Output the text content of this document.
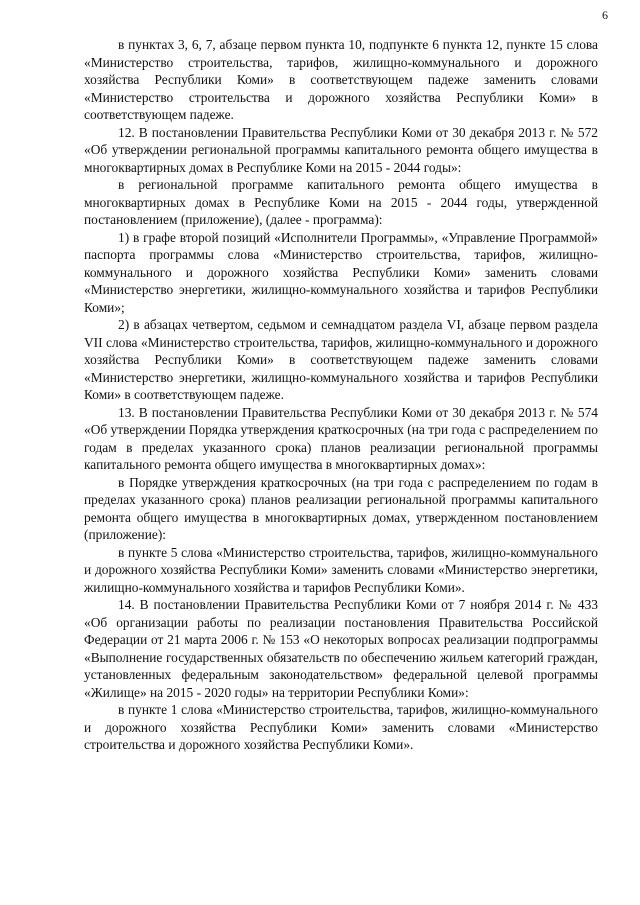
6

в пунктах 3, 6, 7, абзаце первом пункта 10, подпункте 6 пункта 12, пункте 15 слова «Министерство строительства, тарифов, жилищно-коммунального и дорожного хозяйства Республики Коми» в соответствующем падеже заменить словами «Министерство строительства и дорожного хозяйства Республики Коми» в соответствующем падеже.

12. В постановлении Правительства Республики Коми от 30 декабря 2013 г. № 572 «Об утверждении региональной программы капитального ремонта общего имущества в многоквартирных домах в Республике Коми на 2015 - 2044 годы»:

в региональной программе капитального ремонта общего имущества в многоквартирных домах в Республике Коми на 2015 - 2044 годы, утвержденной постановлением (приложение), (далее - программа):

1) в графе второй позиций «Исполнители Программы», «Управление Программой» паспорта программы слова «Министерство строительства, тарифов, жилищно-коммунального и дорожного хозяйства Республики Коми» заменить словами «Министерство энергетики, жилищно-коммунального хозяйства и тарифов Республики Коми»;

2) в абзацах четвертом, седьмом и семнадцатом раздела VI, абзаце первом раздела VII слова «Министерство строительства, тарифов, жилищно-коммунального и дорожного хозяйства Республики Коми» в соответствующем падеже заменить словами «Министерство энергетики, жилищно-коммунального хозяйства и тарифов Республики Коми» в соответствующем падеже.

13. В постановлении Правительства Республики Коми от 30 декабря 2013 г. № 574 «Об утверждении Порядка утверждения краткосрочных (на три года с распределением по годам в пределах указанного срока) планов реализации региональной программы капитального ремонта общего имущества в многоквартирных домах»:

в Порядке утверждения краткосрочных (на три года с распределением по годам в пределах указанного срока) планов реализации региональной программы капитального ремонта общего имущества в многоквартирных домах, утвержденном постановлением (приложение):

в пункте 5 слова «Министерство строительства, тарифов, жилищно-коммунального и дорожного хозяйства Республики Коми» заменить словами «Министерство энергетики, жилищно-коммунального хозяйства и тарифов Республики Коми».

14. В постановлении Правительства Республики Коми от 7 ноября 2014 г. № 433 «Об организации работы по реализации постановления Правительства Российской Федерации от 21 марта 2006 г. № 153 «О некоторых вопросах реализации подпрограммы «Выполнение государственных обязательств по обеспечению жильем категорий граждан, установленных федеральным законодательством» федеральной целевой программы «Жилище» на 2015 - 2020 годы» на территории Республики Коми»:

в пункте 1 слова «Министерство строительства, тарифов, жилищно-коммунального и дорожного хозяйства Республики Коми» заменить словами «Министерство строительства и дорожного хозяйства Республики Коми».
